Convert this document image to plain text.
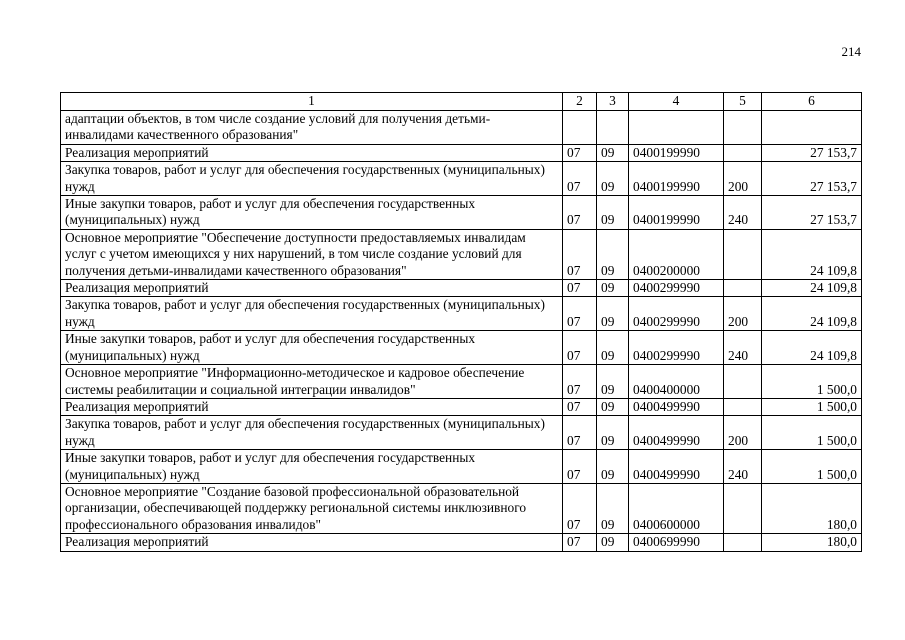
214
1	2	3	4	5	6
адаптации объектов, в том числе создание условий для получения детьми-инвалидами качественного образования"					
Реализация мероприятий	07	09	0400199990		27 153,7
Закупка товаров, работ и услуг для обеспечения государственных (муниципальных) нужд	07	09	0400199990	200	27 153,7
Иные закупки товаров, работ и услуг для обеспечения государственных (муниципальных) нужд	07	09	0400199990	240	27 153,7
Основное мероприятие "Обеспечение доступности предоставляемых инвалидам услуг с учетом имеющихся у них нарушений, в том числе создание условий для получения детьми-инвалидами качественного образования"	07	09	0400200000		24 109,8
Реализация мероприятий	07	09	0400299990		24 109,8
Закупка товаров, работ и услуг для обеспечения государственных (муниципальных) нужд	07	09	0400299990	200	24 109,8
Иные закупки товаров, работ и услуг для обеспечения государственных (муниципальных) нужд	07	09	0400299990	240	24 109,8
Основное мероприятие "Информационно-методическое и кадровое обеспечение системы реабилитации и социальной интеграции инвалидов"	07	09	0400400000		1 500,0
Реализация мероприятий	07	09	0400499990		1 500,0
Закупка товаров, работ и услуг для обеспечения государственных (муниципальных) нужд	07	09	0400499990	200	1 500,0
Иные закупки товаров, работ и услуг для обеспечения государственных (муниципальных) нужд	07	09	0400499990	240	1 500,0
Основное мероприятие "Создание базовой профессиональной образовательной организации, обеспечивающей поддержку региональной системы инклюзивного профессионального образования инвалидов"	07	09	0400600000		180,0
Реализация мероприятий	07	09	0400699990		180,0
